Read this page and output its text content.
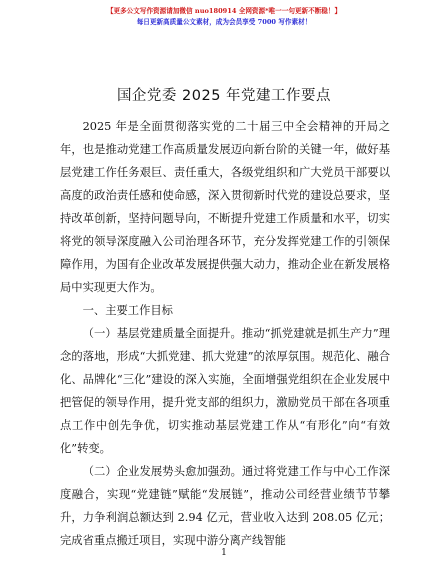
【更多公文写作资源请加微信 nuo180914 全网资源*唯一一句更新不断稳！】
每日更新高质量公文素材，成为会员享受 7000 写作素材！
国企党委 2025 年党建工作要点

2025 年是全面贯彻落实党的二十届三中全会精神的开局之年，也是推动党建工作高质量发展迈向新台阶的关键一年，做好基层党建工作任务艰巨、责任重大，各级党组织和广大党员干部要以高度的政治责任感和使命感，深入贯彻新时代党的建设总要求，坚持改革创新，坚持问题导向，不断提升党建工作质量和水平，切实将党的领导深度融入公司治理各环节，充分发挥党建工作的引领保障作用，为国有企业改革发展提供强大动力，推动企业在新发展格局中实现更大作为。

一、主要工作目标

（一）基层党建质量全面提升。推动“抓党建就是抓生产力”理念的落地，形成“大抓党建、抓大党建”的浓厚氛围。规范化、融合化、品牌化“三化”建设的深入实施，全面增强党组织在企业发展中把管促的领导作用，提升党支部的组织力，激励党员干部在各项重点工作中创先争优，切实推动基层党建工作从“有形化”向“有效化”转变。

（二）企业发展势头愈加强劲。通过将党建工作与中心工作深度融合，实现“党建链”赋能“发展链”，推动公司经营业绩节节攀升，力争利润总额达到 2.94 亿元，营业收入达到 208.05 亿元；完成省重点搬迁项目，实现中游分离产线智能

1
